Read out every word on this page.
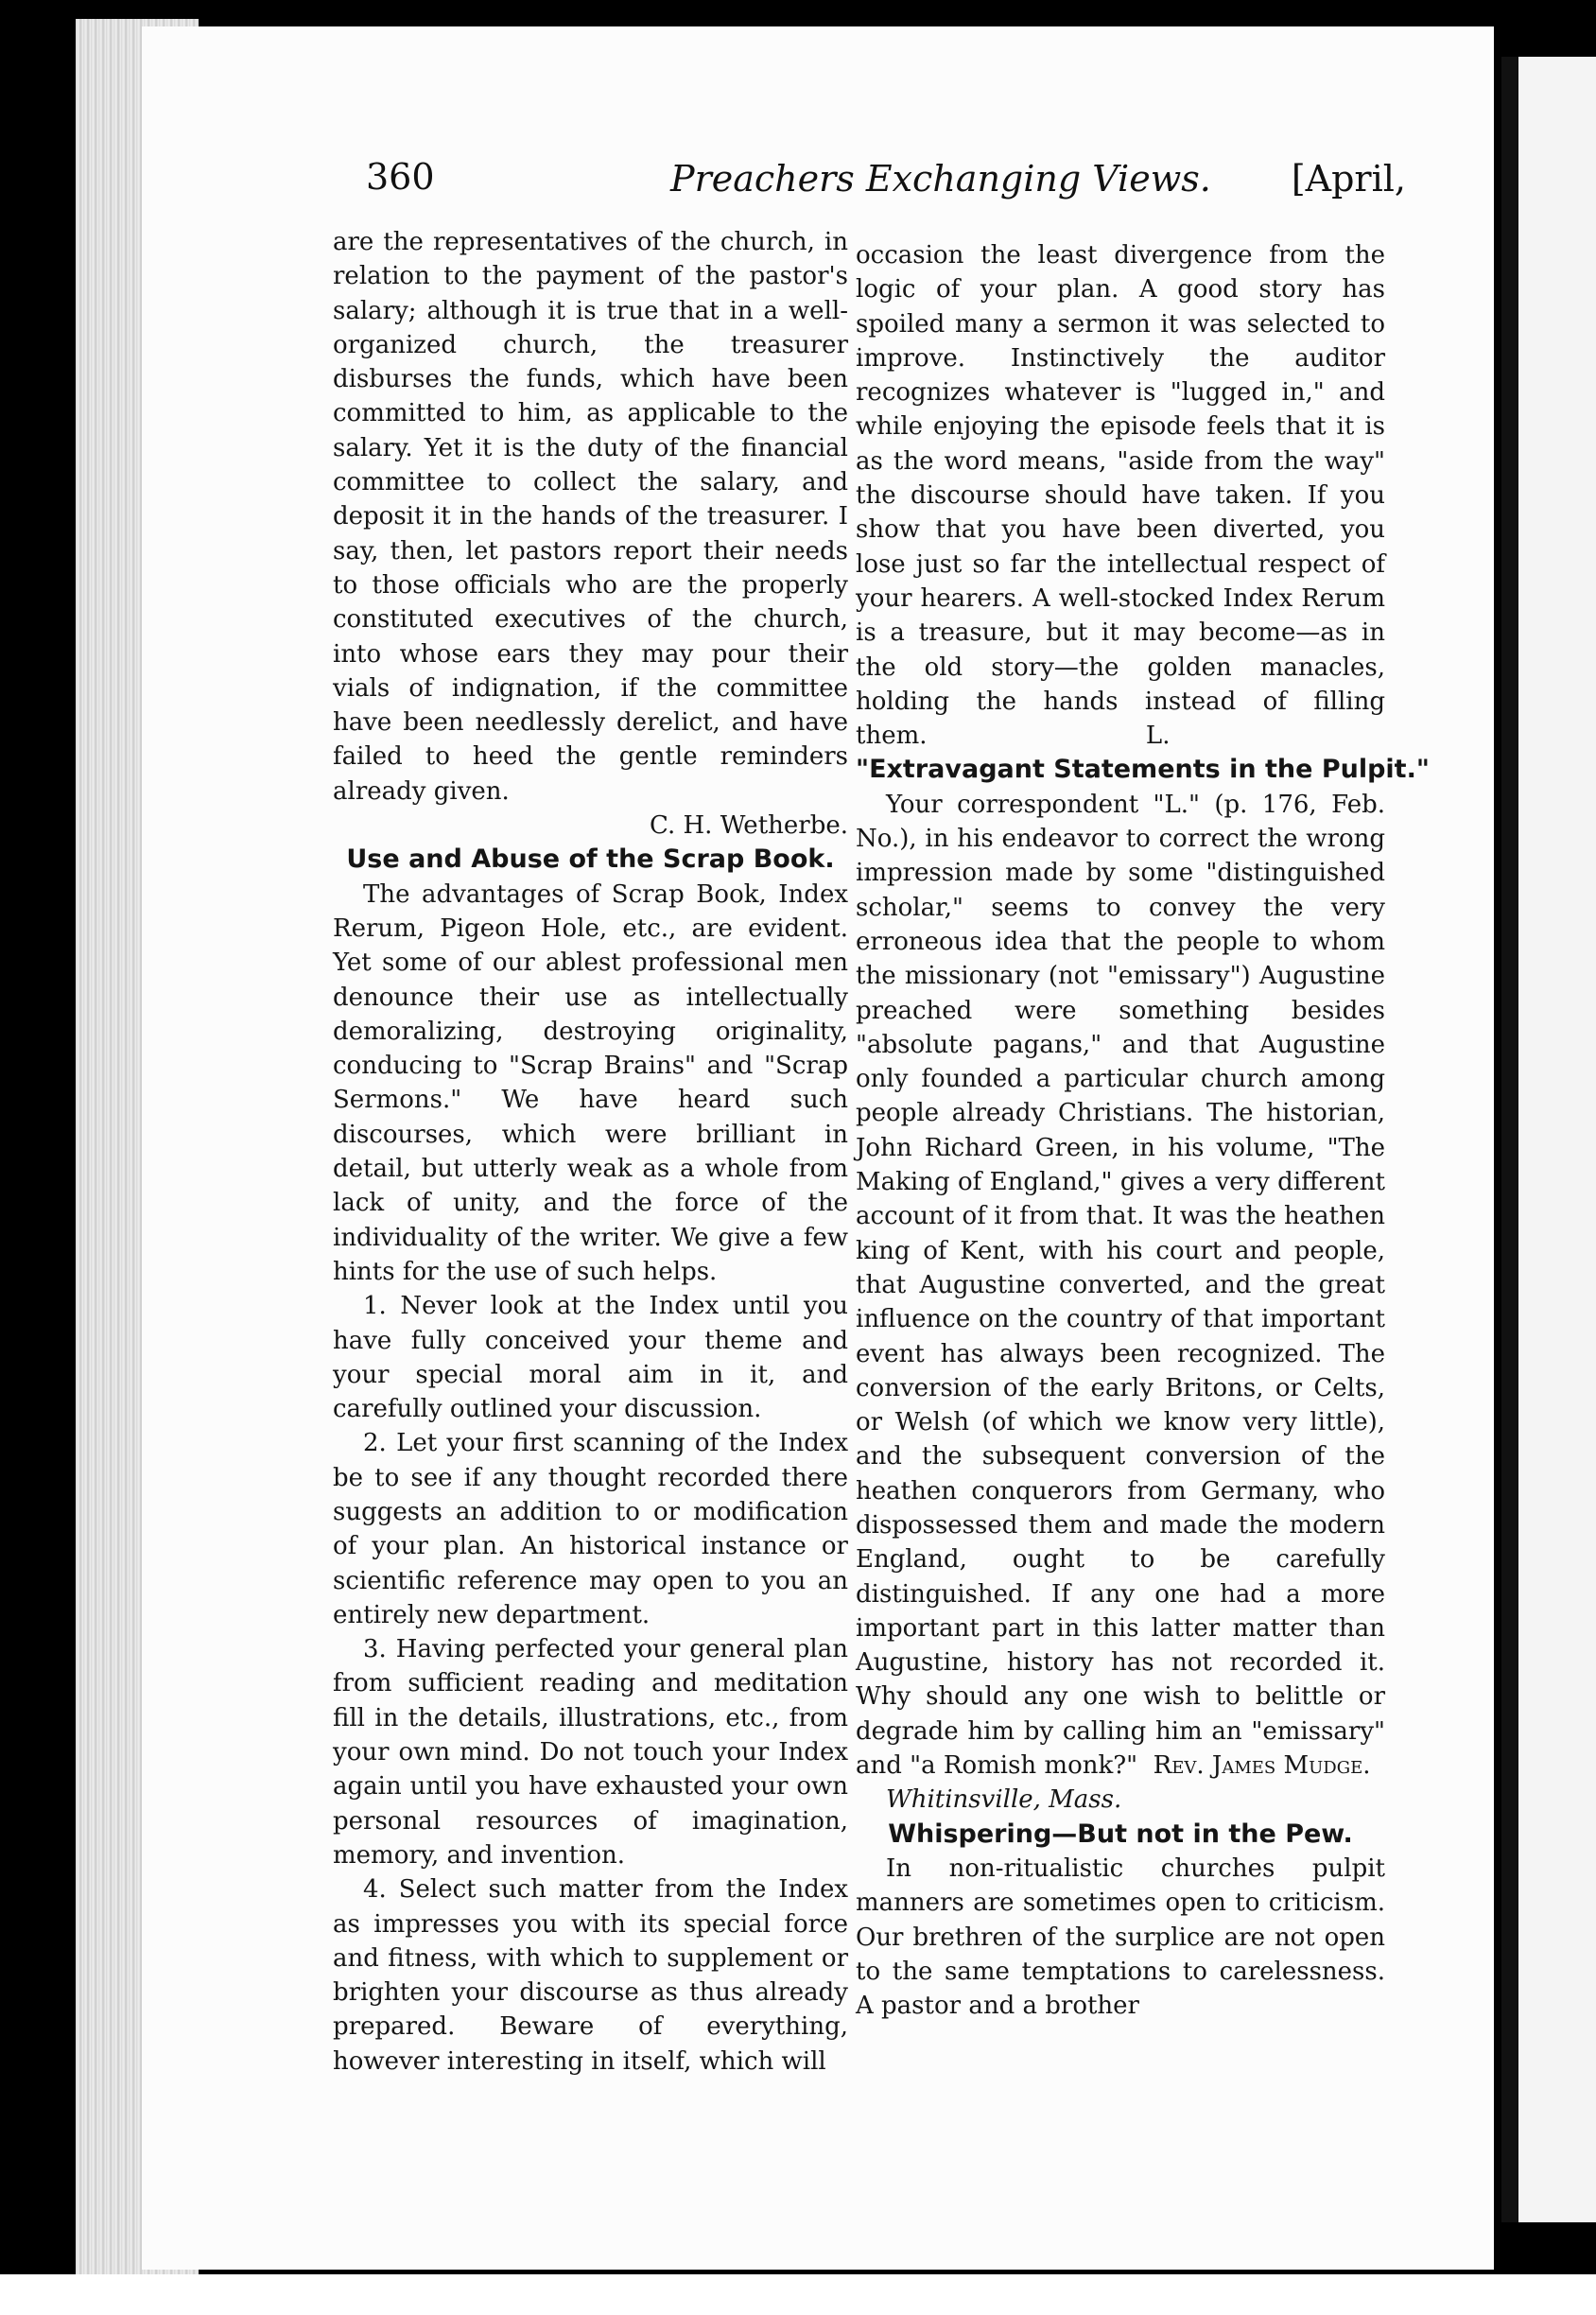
360	Preachers Exchanging Views. [April,

are the representatives of the church, in relation to the payment of the pastor's salary; although it is true that in a well-organized church, the treasurer disburses the funds, which have been committed to him, as applicable to the salary. Yet it is the duty of the financial committee to collect the salary, and deposit it in the hands of the treasurer. I say, then, let pastors report their needs to those officials who are the properly constituted executives of the church, into whose ears they may pour their vials of indignation, if the committee have been needlessly derelict, and have failed to heed the gentle reminders already given.

C. H. Wetherbe.

Use and Abuse of the Scrap Book.

The advantages of Scrap Book, Index Rerum, Pigeon Hole, etc., are evident. Yet some of our ablest professional men denounce their use as intellectually demoralizing, destroying originality, conducing to "Scrap Brains" and "Scrap Sermons." We have heard such discourses, which were brilliant in detail, but utterly weak as a whole from lack of unity, and the force of the individuality of the writer. We give a few hints for the use of such helps.

1. Never look at the Index until you have fully conceived your theme and your special moral aim in it, and carefully outlined your discussion.

2. Let your first scanning of the Index be to see if any thought recorded there suggests an addition to or modification of your plan. An historical instance or scientific reference may open to you an entirely new department.

3. Having perfected your general plan from sufficient reading and meditation fill in the details, illustrations, etc., from your own mind. Do not touch your Index again until you have exhausted your own personal resources of imagination, memory, and invention.

4. Select such matter from the Index as impresses you with its special force and fitness, with which to supplement or brighten your discourse as thus already prepared. Beware of everything, however interesting in itself, which will

occasion the least divergence from the logic of your plan. A good story has spoiled many a sermon it was selected to improve. Instinctively the auditor recognizes whatever is "lugged in," and while enjoying the episode feels that it is as the word means, "aside from the way" the discourse should have taken. If you show that you have been diverted, you lose just so far the intellectual respect of your hearers. A well-stocked Index Rerum is a treasure, but it may become—as in the old story—the golden manacles, holding the hands instead of filling them.	L.

"Extravagant Statements in the Pulpit."

Your correspondent "L." (p. 176, Feb. No.), in his endeavor to correct the wrong impression made by some "distinguished scholar," seems to convey the very erroneous idea that the people to whom the missionary (not "emissary") Augustine preached were something besides "absolute pagans," and that Augustine only founded a particular church among people already Christians. The historian, John Richard Green, in his volume, "The Making of England," gives a very different account of it from that. It was the heathen king of Kent, with his court and people, that Augustine converted, and the great influence on the country of that important event has always been recognized. The conversion of the early Britons, or Celts, or Welsh (of which we know very little), and the subsequent conversion of the heathen conquerors from Germany, who dispossessed them and made the modern England, ought to be carefully distinguished. If any one had a more important part in this latter matter than Augustine, history has not recorded it. Why should any one wish to belittle or degrade him by calling him an "emissary" and "a Romish monk?" Rev. James Mudge.

Whitinsville, Mass.

Whispering—But not in the Pew.

In non-ritualistic churches pulpit manners are sometimes open to criticism. Our brethren of the surplice are not open to the same temptations to carelessness. A pastor and a brother
